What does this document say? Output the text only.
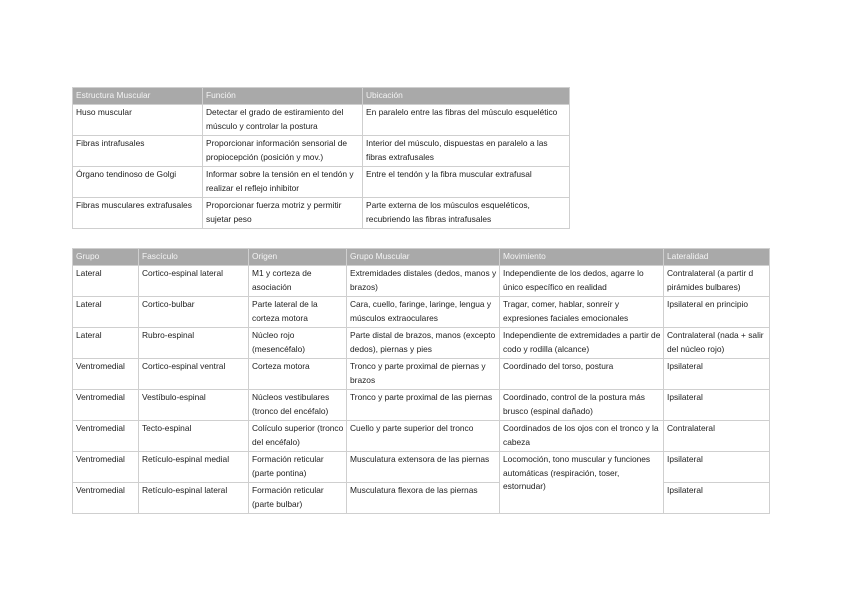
Estructura Muscular	Función	Ubicación
Huso muscular	Detectar el grado de estiramiento del músculo y controlar la postura	En paralelo entre las fibras del músculo esquelético
Fibras intrafusales	Proporcionar información sensorial de propiocepción (posición y mov.)	Interior del músculo, dispuestas en paralelo a las fibras extrafusales
Órgano tendinoso de Golgi	Informar sobre la tensión en el tendón y realizar el reflejo inhibitor	Entre el tendón y la fibra muscular extrafusal
Fibras musculares extrafusales	Proporcionar fuerza motriz y permitir sujetar peso	Parte externa de los músculos esqueléticos, recubriendo las fibras intrafusales
Grupo	Fascículo	Origen	Grupo Muscular	Movimiento	Lateralidad
Lateral	Cortico-espinal lateral	M1 y corteza de asociación	Extremidades distales (dedos, manos y brazos)	Independiente de los dedos, agarre lo único específico en realidad	Contralateral (a partir d pirámides bulbares)
Lateral	Cortico-bulbar	Parte lateral de la corteza motora	Cara, cuello, faringe, laringe, lengua y músculos extraoculares	Tragar, comer, hablar, sonreír y expresiones faciales emocionales	Ipsilateral en principio
Lateral	Rubro-espinal	Núcleo rojo (mesencéfalo)	Parte distal de brazos, manos (excepto dedos), piernas y pies	Independiente de extremidades a partir de codo y rodilla (alcance)	Contralateral (nada + salir del núcleo rojo)
Ventromedial	Cortico-espinal ventral	Corteza motora	Tronco y parte proximal de piernas y brazos	Coordinado del torso, postura	Ipsilateral
Ventromedial	Vestíbulo-espinal	Núcleos vestibulares (tronco del encéfalo)	Tronco y parte proximal de las piernas	Coordinado, control de la postura más brusco (espinal dañado)	Ipsilateral
Ventromedial	Tecto-espinal	Colículo superior (tronco del encéfalo)	Cuello y parte superior del tronco	Coordinados de los ojos con el tronco y la cabeza	Contralateral
Ventromedial	Retículo-espinal medial	Formación reticular (parte pontina)	Musculatura extensora de las piernas	Locomoción, tono muscular y funciones automáticas (respiración, toser, estornudar)	Ipsilateral
Ventromedial	Retículo-espinal lateral	Formación reticular (parte bulbar)	Musculatura flexora de las piernas		Ipsilateral
